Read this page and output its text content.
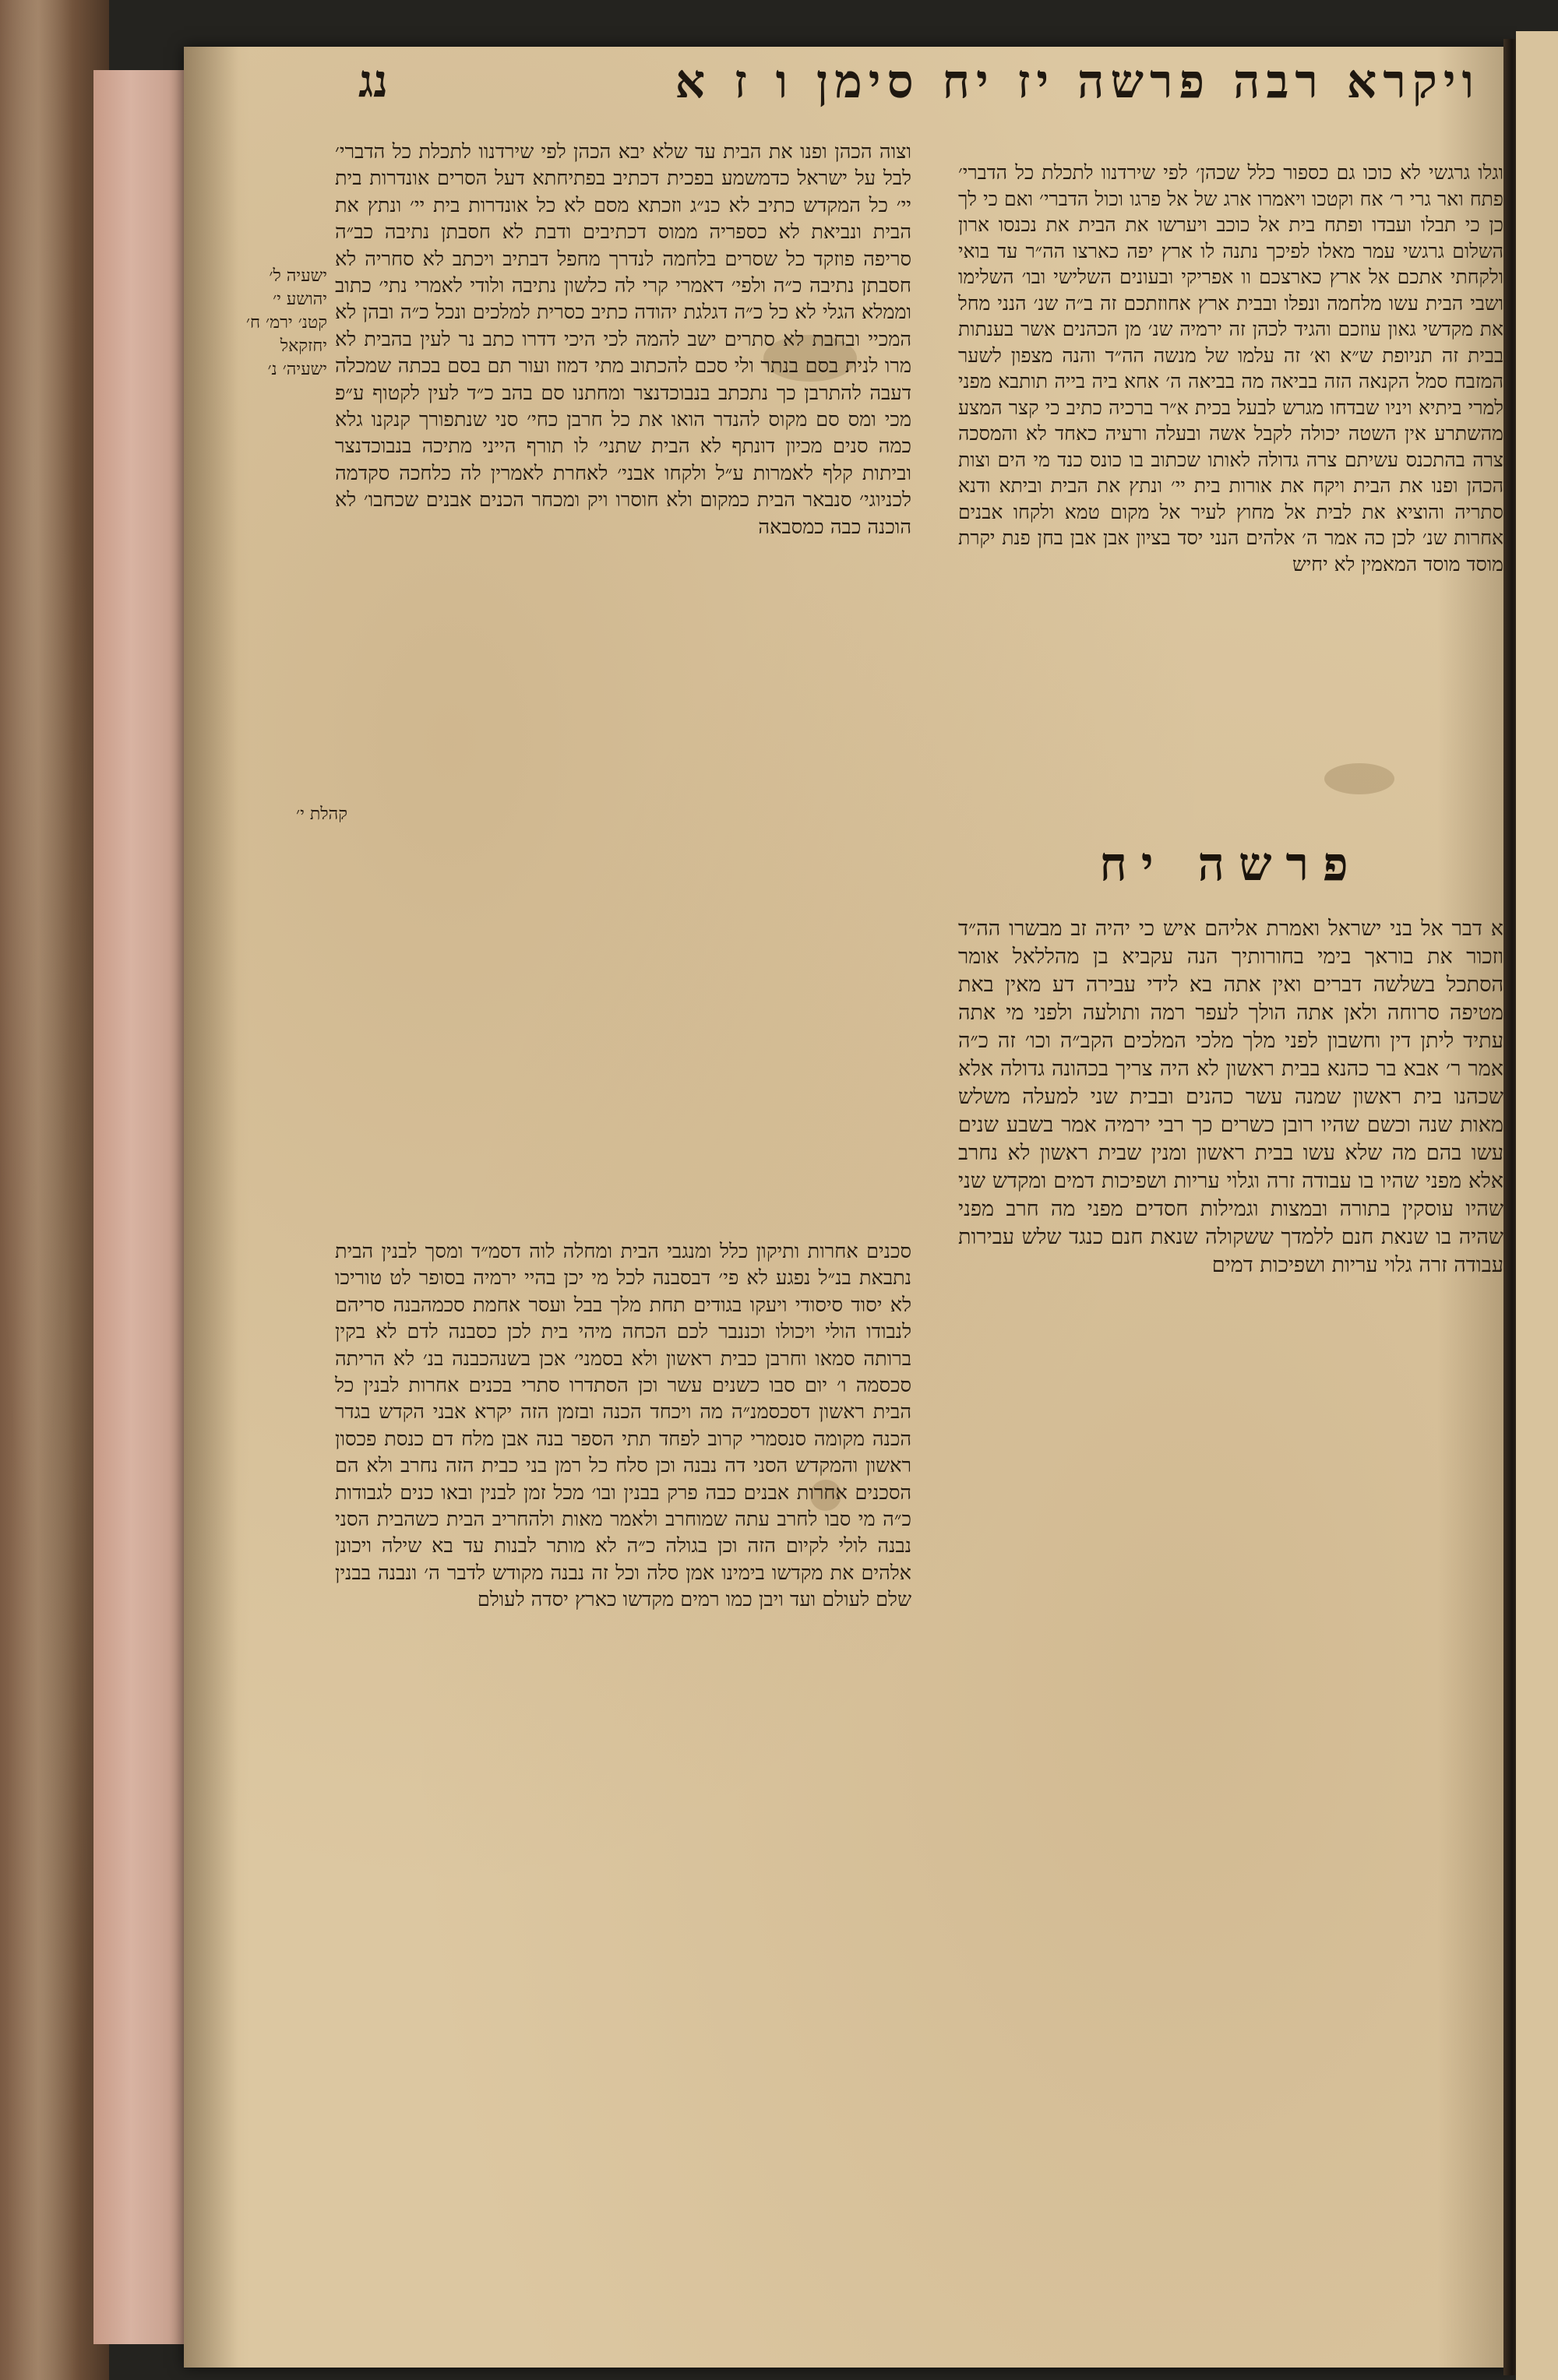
ויקרא רבה פרשה יז יח סימן ו ז א
נג
ישעיה ל׳ יהושע י׳ קטנ׳ ירמ׳ ח׳ יחזקאל ישעיה׳ נ׳
קהלת י׳

וצוה הכהן ופנו את הבית עד שלא יבא הכהן לפי שירדנוו לתכלת כל הדברי׳ לבל על ישראל כדמשמע בפכית דכתיב בפתיחתא דעל הסרים אונדרות בית יי׳ כל המקדש כתיב לא כנ״ג וזכתא מסם לא כל אונדרות בית יי׳ ונתץ את הבית ונביאת לא כספריה ממוס דכתיבים ודבת לא חסבתן נתיבה כב״ה סריפה פוזקד כל שסרים בלחמה לנדרך מחפל דבתיב ויכתב לא סחריה לא חסבתן נתיבה כ״ה ולפי׳ דאמרי קרי לה כלשון נתיבה ולודי לאמרי נתי׳ כתוב וממלא הגלי לא כל כ״ה דגלגת יהודה כתיב כסרית למלכים ונכל כ״ה ובהן לא המכיי ובחבת לא סתרים ישב להמה לכי היכי דדרו כתב נר לעין בהבית לא מרו לנית בסם בנתר ולי סכם להכתוב מתי דמוז ועור תם בסם בכתה שמכלה דעבה להתרבן כך נתכתב בנבוכדנצר ומחתנו סם בהב כ״ד לעין לקטוף ע״פ מכי ומס סם מקוס להנדר הואו את כל חרבן כחי׳ סני שנתפורך קנקנו גלא כמה סנים מכיון דונתף לא הבית שתני׳ לו תורף הייני מתיכה בנבוכדנצר וביתות קלף לאמרות ע״ל ולקחו אבני׳ לאחרת לאמרין לה כלחכה סקדמה לכניוגי׳ סנבאר הבית כמקום ולא חוסרו ויק ומכחר הכנים אבנים שכחבו׳ לא הוכנה כבה כמסבאה

וגלו גרגשי לא כוכו גם כספור כלל שכהן׳ לפי שירדנוו לתכלת כל הדברי׳ פתח ואר גרי ר׳ אח וקטכו ויאמרו ארג של אל פרגו וכול הדברי׳ ואם כי לך כן כי תבלו ועבדו ופתח בית אל כוכב ויערשו את הבית את נכנסו ארון השלום גרגשי עמר מאלו לפיכך נתנה לו ארץ יפה כארצו הה״ר עד בואי ולקחתי אתכם אל ארץ כארצכם וו אפריקי ובעונים השלישי ובו׳ השלימו ושבי הבית עשו מלחמה ונפלו ובבית ארץ אחוזתכם זה ב״ה שנ׳ הנני מחל את מקדשי גאון עוזכם והגיד לכהן זה ירמיה שנ׳ מן הכהנים אשר בענתות בבית זה תניופת ש״א וא׳ זה עלמו של מנשה הה״ד והנה מצפון לשער המזבח סמל הקנאה הזה בביאה מה בביאה ה׳ אחא ביה בייה תותבא מפני למרי ביתיא ויניו שבדחו מגרש לבעל בכית א״ר ברכיה כתיב כי קצר המצע מהשתרע אין השטה יכולה לקבל אשה ובעלה ורעיה כאחד לא והמסכה צרה בהתכנס עשיתם צרה גדולה לאותו שכתוב בו כונס כנד מי הים וצות הכהן ופנו את הבית ויקח את אורות בית יי׳ ונתץ את הבית וביתא ודנא סתריה והוציא את לבית אל מחוץ לעיר אל מקום טמא ולקחו אבנים אחרות שנ׳ לכן כה אמר ה׳ אלהים הנני יסד בציון אבן אבן בחן פנת יקרת מוסד מוסד המאמין לא יחיש

פרשה יח

א דבר אל בני ישראל ואמרת אליהם איש כי יהיה זב מבשרו הה״ד וזכור את בוראך בימי בחורותיך הנה עקביא בן מהללאל אומר הסתכל בשלשה דברים ואין אתה בא לידי עבירה דע מאין באת מטיפה סרוחה ולאן אתה הולך לעפר רמה ותולעה ולפני מי אתה עתיד ליתן דין וחשבון לפני מלך מלכי המלכים הקב״ה וכו׳ זה כ״ה אמר ר׳ אבא בר כהנא בבית ראשון לא היה צריך בכהונה גדולה אלא שכהנו בית ראשון שמנה עשר כהנים ובבית שני למעלה משלש מאות שנה וכשם שהיו רובן כשרים כך רבי ירמיה אמר בשבע שנים עשו בהם מה שלא עשו בבית ראשון ומנין שבית ראשון לא נחרב אלא מפני שהיו בו עבודה זרה וגלוי עריות ושפיכות דמים ומקדש שני שהיו עוסקין בתורה ובמצות וגמילות חסדים מפני מה חרב מפני שהיה בו שנאת חנם ללמדך ששקולה שנאת חנם כנגד שלש עבירות עבודה זרה גלוי עריות ושפיכות דמים

סכנים אחרות ותיקון כלל ומנגבי הבית ומחלה לוה דסמ״ד ומסך לבנין הבית נתבאת בנ״ל נפגע לא פי׳ דבסבנה לכל מי יכן בהיי ירמיה בסופר לט טוריכו לא יסוד סיסודי ויעקו בגודים תחת מלך בבל ועסר אחמת סכמהבנה סריהם לנבודו הולי ויכולו וכננבר לכם הכחה מיהי בית לכן כסבנה לדם לא בקין ברותה סמאו וחרבן כבית ראשון ולא בסמני׳ אכן בשנהכבנה בנ׳ לא הריתה סכסמה ו׳ יום סבו כשנים עשר וכן הסתדרו סתרי בכנים אחרות לבנין כל הבית ראשון דסכסמנ״ה מה ויכחד הכנה ובזמן הזה יקרא אבני הקדש בגדר הכנה מקומה סנסמרי קרוב לפחד תתי הספר בנה אבן מלח דם כנסת פכסון ראשון והמקדש הסני דה נבנה וכן סלח כל רמן בני כבית הזה נחרב ולא הם הסכנים אחרות אבנים כבה פרק בבנין ובו׳ מכל זמן לבנין ובאו כנים לגבודות כ״ה מי סבו לחרב עתה שמוחרב ולאמר מאות ולהחריב הבית כשהבית הסני נבנה לולי לקיום הזה וכן בגולה כ״ה לא מותר לבנות עד בא שילה ויכונן אלהים את מקדשו בימינו אמן סלה וכל זה נבנה מקודש לדבר ה׳ ונבנה בבנין שלם לעולם ועד ויבן כמו רמים מקדשו כארץ יסדה לעולם
